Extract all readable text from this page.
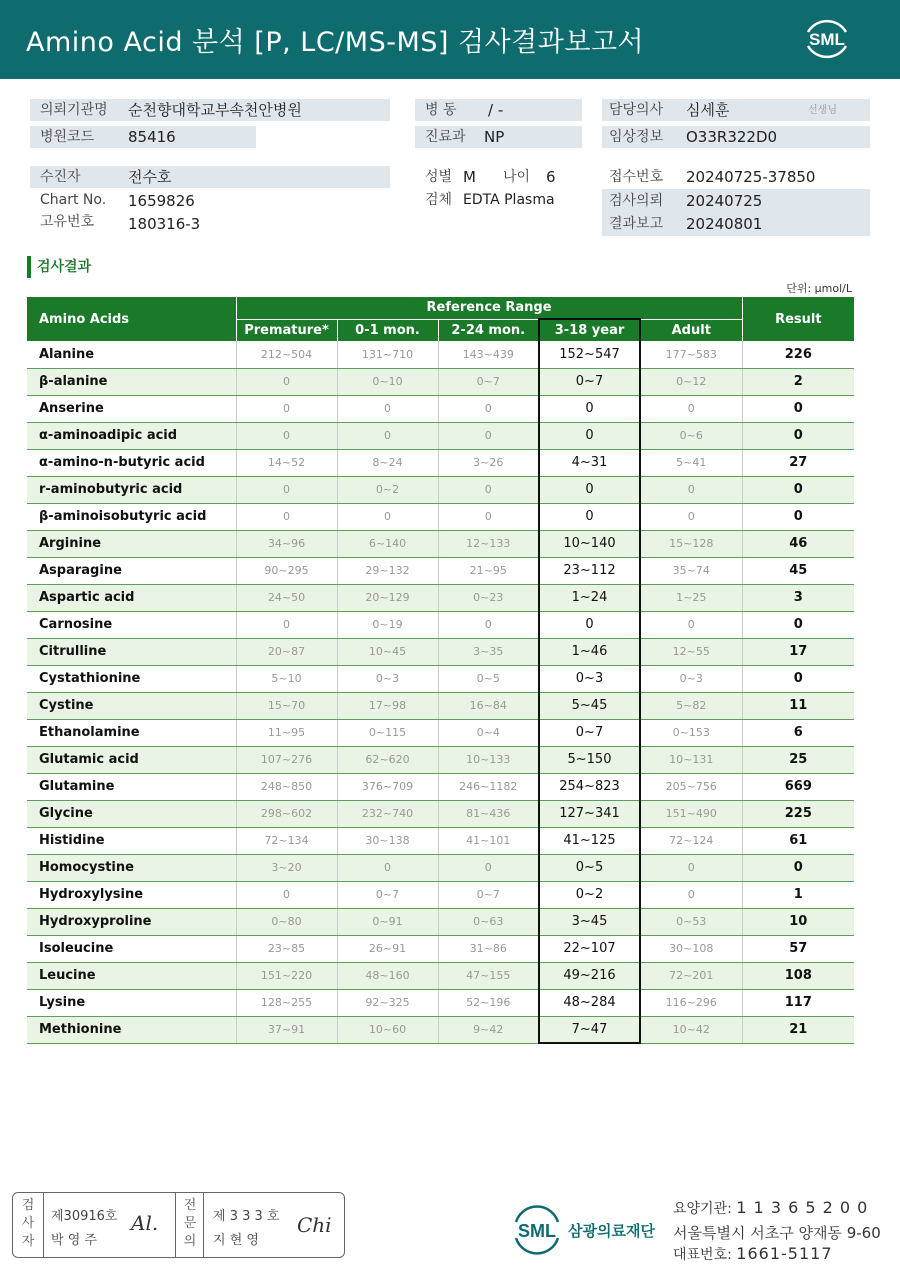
Amino Acid 분석 [P, LC/MS-MS] 검사결과보고서	SML
의뢰기관명 순천향대학교부속천안병원
병원코드 85416
병 동 / -
진료과 NP
담당의사 심세훈	선생님
임상정보 O33R322D0
수진자	전수호
Chart No. 1659826
고유번호 180316-3
성별 M 나이 6
검체 EDTA Plasma
접수번호 20240725-37850
검사의뢰 20240725
결과보고 20240801
검사결과
단위: μmol/L
Amino Acids	Reference Range					Result
	Premature*	0-1 mon.	2-24 mon.	3-18 year	Adult	
Alanine	212~504	131~710	143~439	152~547	177~583	226
β-alanine	0	0~10	0~7	0~7	0~12	2
Anserine	0	0	0	0	0	0
α-aminoadipic acid	0	0	0	0	0~6	0
α-amino-n-butyric acid	14~52	8~24	3~26	4~31	5~41	27
r-aminobutyric acid	0	0~2	0	0	0	0
β-aminoisobutyric acid	0	0	0	0	0	0
Arginine	34~96	6~140	12~133	10~140	15~128	46
Asparagine	90~295	29~132	21~95	23~112	35~74	45
Aspartic acid	24~50	20~129	0~23	1~24	1~25	3
Carnosine	0	0~19	0	0	0	0
Citrulline	20~87	10~45	3~35	1~46	12~55	17
Cystathionine	5~10	0~3	0~5	0~3	0~3	0
Cystine	15~70	17~98	16~84	5~45	5~82	11
Ethanolamine	11~95	0~115	0~4	0~7	0~153	6
Glutamic acid	107~276	62~620	10~133	5~150	10~131	25
Glutamine	248~850	376~709	246~1182	254~823	205~756	669
Glycine	298~602	232~740	81~436	127~341	151~490	225
Histidine	72~134	30~138	41~101	41~125	72~124	61
Homocystine	3~20	0	0	0~5	0	0
Hydroxylysine	0	0~7	0~7	0~2	0	1
Hydroxyproline	0~80	0~91	0~63	3~45	0~53	10
Isoleucine	23~85	26~91	31~86	22~107	30~108	57
Leucine	151~220	48~160	47~155	49~216	72~201	108
Lysine	128~255	92~325	52~196	48~284	116~296	117
Methionine	37~91	10~60	9~42	7~47	10~42	21
검사자
제30916호
박 영 주
Al.
전문의
제 3 3 3 호
지 현 영
Chi	SML 삼광의료재단
요양기관: 1 1 3 6 5 2 0 0
서울특별시 서초구 양재동 9-60
대표번호: 1661-5117
